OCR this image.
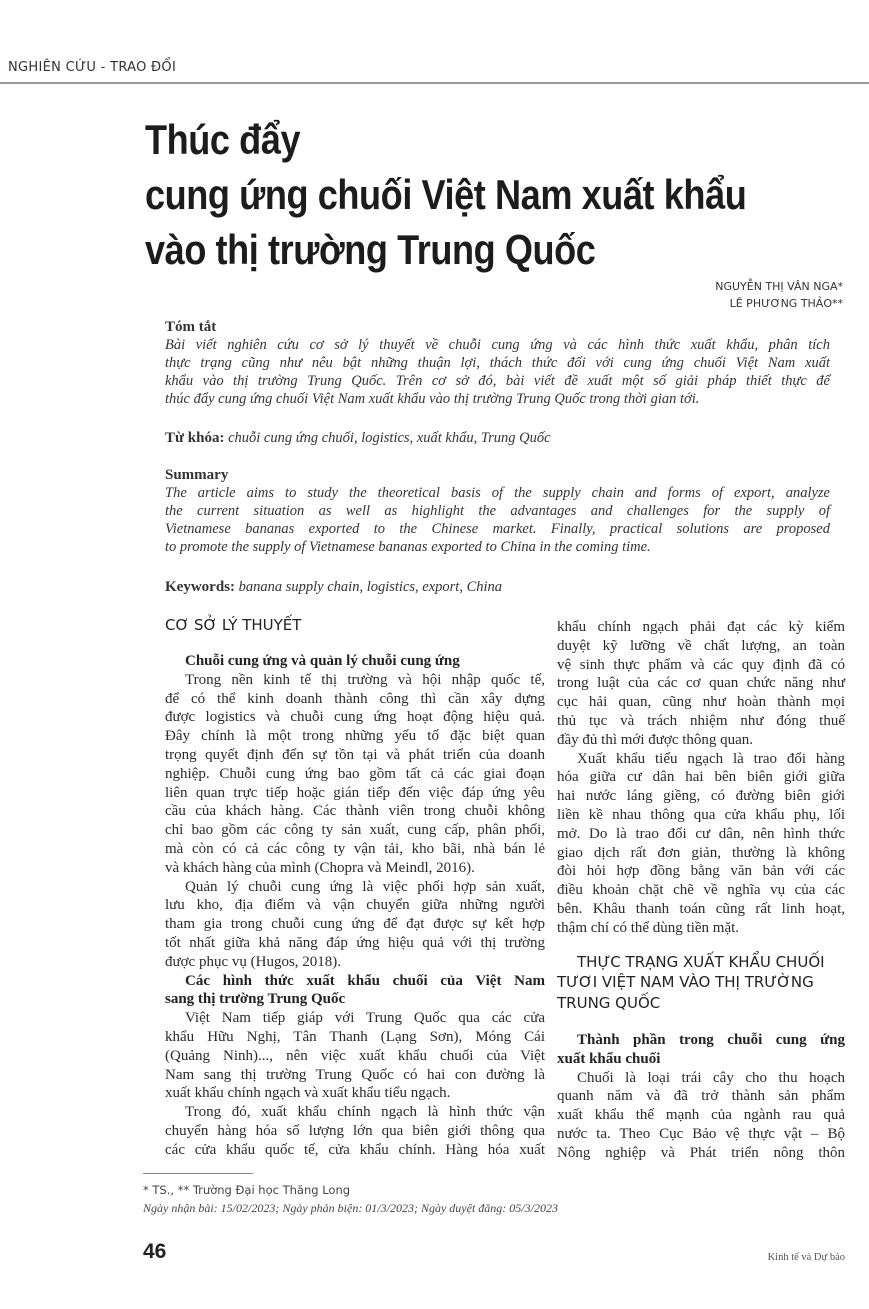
NGHIÊN CỨU - TRAO ĐỔI
Thúc đẩy
cung ứng chuối Việt Nam xuất khẩu
vào thị trường Trung Quốc
NGUYỄN THỊ VÂN NGA*
LÊ PHƯƠNG THẢO**
Tóm tắt
Bài viết nghiên cứu cơ sở lý thuyết về chuỗi cung ứng và các hình thức xuất khẩu, phân tích
thực trạng cũng như nêu bật những thuận lợi, thách thức đối với cung ứng chuối Việt Nam xuất
khẩu vào thị trường Trung Quốc. Trên cơ sở đó, bài viết đề xuất một số giải pháp thiết thực để
thúc đẩy cung ứng chuối Việt Nam xuất khẩu vào thị trường Trung Quốc trong thời gian tới.
Từ khóa: chuỗi cung ứng chuối, logistics, xuất khẩu, Trung Quốc
Summary
The article aims to study the theoretical basis of the supply chain and forms of export, analyze
the current situation as well as highlight the advantages and challenges for the supply of
Vietnamese bananas exported to the Chinese market. Finally, practical solutions are proposed
to promote the supply of Vietnamese bananas exported to China in the coming time.
Keywords: banana supply chain, logistics, export, China
CƠ SỞ LÝ THUYẾT
Chuỗi cung ứng và quản lý chuỗi cung ứng
Trong nền kinh tế thị trường và hội nhập quốc tế,
để có thể kinh doanh thành công thì cần xây dựng
được logistics và chuỗi cung ứng hoạt động hiệu quả.
Đây chính là một trong những yếu tố đặc biệt quan
trọng quyết định đến sự tồn tại và phát triển của doanh
nghiệp. Chuỗi cung ứng bao gồm tất cả các giai đoạn
liên quan trực tiếp hoặc gián tiếp đến việc đáp ứng yêu
cầu của khách hàng. Các thành viên trong chuỗi không
chỉ bao gồm các công ty sản xuất, cung cấp, phân phối,
mà còn có cả các công ty vận tải, kho bãi, nhà bán lẻ
và khách hàng của mình (Chopra và Meindl, 2016).
Quản lý chuỗi cung ứng là việc phối hợp sản xuất,
lưu kho, địa điểm và vận chuyển giữa những người
tham gia trong chuỗi cung ứng để đạt được sự kết hợp
tốt nhất giữa khả năng đáp ứng hiệu quả với thị trường
được phục vụ (Hugos, 2018).
Các hình thức xuất khẩu chuối của Việt Nam
sang thị trường Trung Quốc
Việt Nam tiếp giáp với Trung Quốc qua các cửa
khẩu Hữu Nghị, Tân Thanh (Lạng Sơn), Móng Cái
(Quảng Ninh)..., nên việc xuất khẩu chuối của Việt
Nam sang thị trường Trung Quốc có hai con đường là
xuất khẩu chính ngạch và xuất khẩu tiểu ngạch.
Trong đó, xuất khẩu chính ngạch là hình thức vận
chuyển hàng hóa số lượng lớn qua biên giới thông qua
các cửa khẩu quốc tế, cửa khẩu chính. Hàng hóa xuất
khẩu chính ngạch phải đạt các kỳ kiểm
duyệt kỹ lưỡng về chất lượng, an toàn
vệ sinh thực phẩm và các quy định đã có
trong luật của các cơ quan chức năng như
cục hải quan, cũng như hoàn thành mọi
thủ tục và trách nhiệm như đóng thuế
đầy đủ thì mới được thông quan.
Xuất khẩu tiểu ngạch là trao đổi hàng
hóa giữa cư dân hai bên biên giới giữa
hai nước láng giềng, có đường biên giới
liền kề nhau thông qua cửa khẩu phụ, lối
mở. Do là trao đổi cư dân, nên hình thức
giao dịch rất đơn giản, thường là không
đòi hỏi hợp đồng bằng văn bản với các
điều khoản chặt chẽ về nghĩa vụ của các
bên. Khâu thanh toán cũng rất linh hoạt,
thậm chí có thể dùng tiền mặt.
THỰC TRẠNG XUẤT KHẨU CHUỐI
TƯƠI VIỆT NAM VÀO THỊ TRƯỜNG
TRUNG QUỐC
Thành phần trong chuỗi cung ứng
xuất khẩu chuối
Chuối là loại trái cây cho thu hoạch
quanh năm và đã trở thành sản phẩm
xuất khẩu thế mạnh của ngành rau quả
nước ta. Theo Cục Bảo vệ thực vật – Bộ
Nông nghiệp và Phát triển nông thôn
* TS., ** Trường Đại học Thăng Long
Ngày nhận bài: 15/02/2023; Ngày phản biện: 01/3/2023; Ngày duyệt đăng: 05/3/2023
46	Kinh tế và Dự báo
